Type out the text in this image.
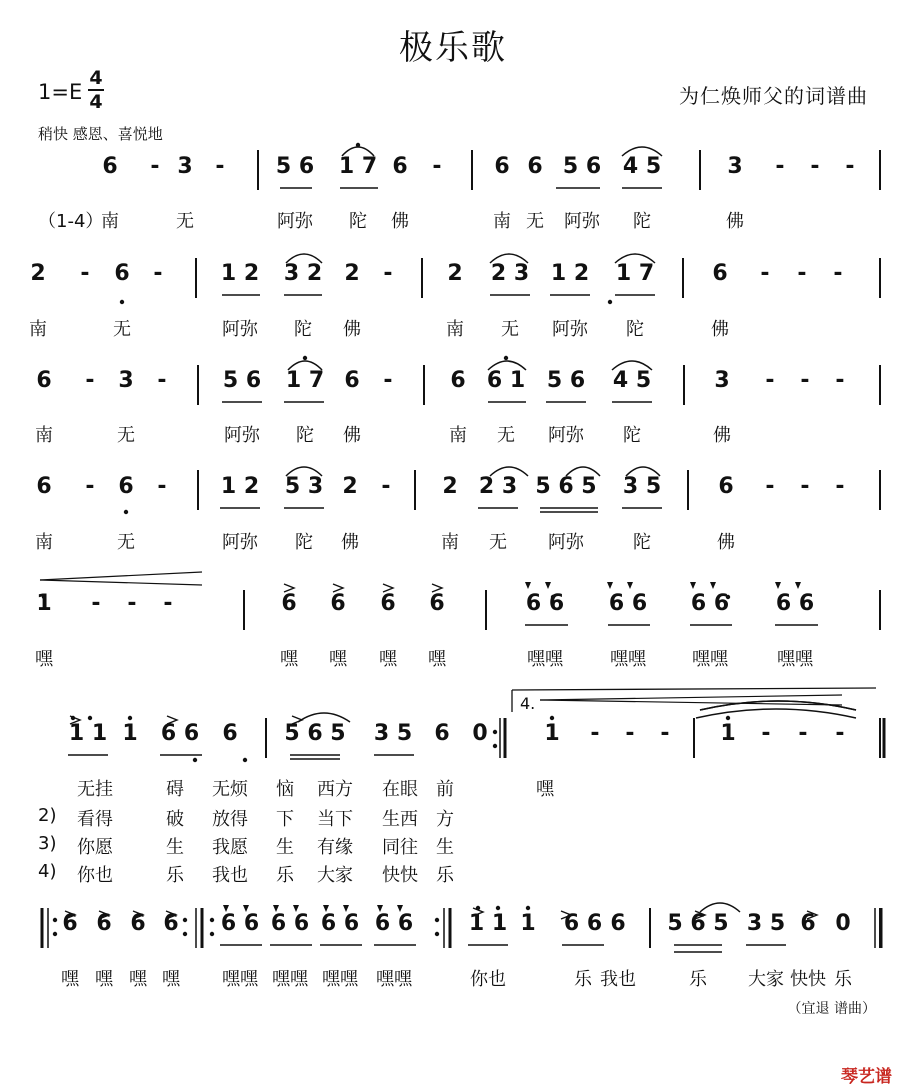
极乐歌
1=E
4
4	为仁焕师父的词谱曲
稍快 感恩、喜悦地
6	- 3	-	5 6	1 7 6	-	6 6 5 6 4 5	3	-	-	-
（1-4）
南	无	阿弥	陀	佛	南 无	阿弥	陀	佛
2	-	6	-	1 2	3 2	2	-	2	2 3 1 2	1 7	6	-	-	-
南	无	阿弥	陀	佛	南	无	阿弥	陀	佛
6	-	3	-	5 6	1 7 6	-	6 6 1 5 6	4 5	3	-	-	-
南	无	阿弥	陀	佛	南	无	阿弥	陀	佛
6	-	6	-	1 2	5 3 2	-	2 2 3 5 6 5	3 5	6	-	-	-
南	无	阿弥	陀	佛	南	无	阿弥	陀	佛
1	-	-	-	6	6	6	6	6 6	6 6	6 6	6 6
嘿	嘿	嘿	嘿	嘿	嘿嘿	嘿嘿	嘿嘿	嘿嘿
1 1 1	6 6	6	5 6 5	3 5	6	0	1	-	-	-	1	-	-	-
6 6 6 6	6 6 6 6 6 6 6 6	1 1 1	6 6 6	5 6 5 3 5 6 0
嘿 嘿 嘿 嘿	嘿嘿 嘿嘿 嘿嘿	嘿嘿	你也	乐 我也	乐	大家 快快 乐
无挂	碍	无烦	恼	西方	在眼	前	嘿
2)	看得	破	放得	下	当下	生西	方
3)	你愿	生	我愿	生	有缘	同往	生
4)	你也	乐	我也	乐	大家	快快	乐
4.
（宜退 谱曲）
琴艺谱
